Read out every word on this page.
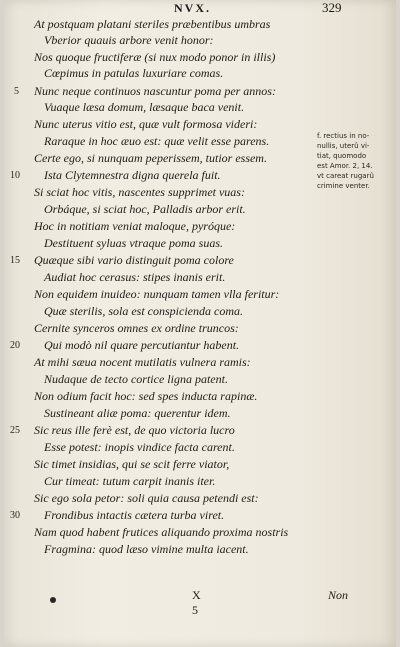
NVX.	329
At postquam platani steriles præbentibus umbras
Vberior quauis arbore venit honor:
Nos quoque fructiferæ (si nux modo ponor in illis)
Cœpimus in patulas luxuriare comas.
Nunc neque continuos nascuntur poma per annos:
Vuaque læsa domum, læsaque baca venit.
Nunc uterus vitio est, quæ vult formosa videri:
Raraque in hoc æuo est: quæ velit esse parens.
Certe ego, si nunquam peperissem, tutior essem.
Ista Clytemnestra digna querela fuit.
Si sciat hoc vitis, nascentes supprimet vuas:
Orbáque, si sciat hoc, Palladis arbor erit.
Hoc in notitiam veniat maloque, pyróque:
Destituent syluas vtraque poma suas.
Quæque sibi vario distinguit poma colore
Audiat hoc cerasus: stipes inanis erit.
Non equidem inuideo: nunquam tamen vlla feritur:
Quæ sterilis, sola est conspicienda coma.
Cernite synceros omnes ex ordine truncos:
Qui modò nil quare percutiantur habent.
At mihi sæua nocent mutilatis vulnera ramis:
Nudaque de tecto cortice ligna patent.
Non odium facit hoc: sed spes inducta rapinæ.
Sustineant aliæ poma: querentur idem.
Sic reus ille ferè est, de quo victoria lucro
Esse potest: inopis vindice facta carent.
Sic timet insidias, qui se scit ferre viator,
Cur timeat: tutum carpit inanis iter.
Sic ego sola petor: soli quia causa petendi est:
Frondibus intactis cætera turba viret.
Nam quod habent frutices aliquando proxima nostris
Fragmina: quod læso vimine multa iacent.
5
10
15
20
25
30
f. rectius in no-
nullis, uterû vi-
tiat, quomodo
est Amor. 2, 14.
vt careat rugarû
crimine venter.
X 5
Non
